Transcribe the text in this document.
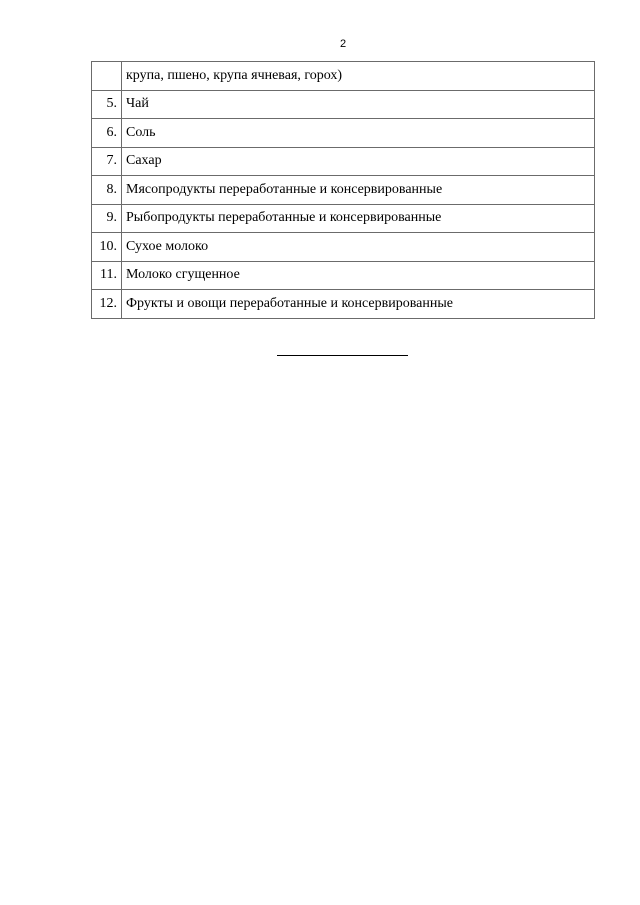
2
	крупа, пшено, крупа ячневая, горох)
5.	Чай
6.	Соль
7.	Сахар
8.	Мясопродукты переработанные и консервированные
9.	Рыбопродукты переработанные и консервированные
10.	Сухое молоко
11.	Молоко сгущенное
12.	Фрукты и овощи переработанные и консервированные
